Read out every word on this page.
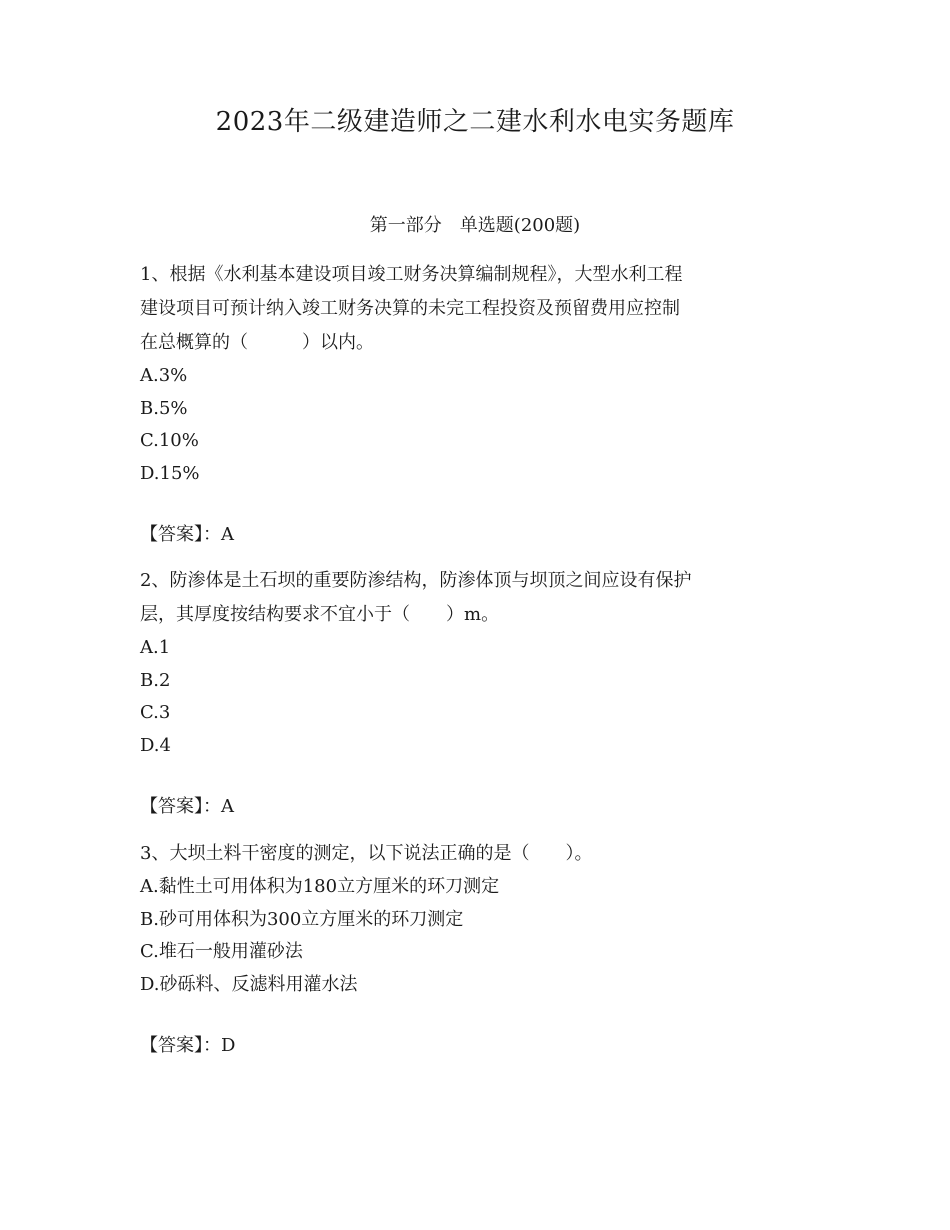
2023年二级建造师之二建水利水电实务题库
第一部分　单选题(200题)

1、根据《水利基本建设项目竣工财务决算编制规程》，大型水利工程

建设项目可预计纳入竣工财务决算的未完工程投资及预留费用应控制

在总概算的（　　　）以内。

A.3%

B.5%

C.10%

D.15%

【答案】：A

2、防渗体是土石坝的重要防渗结构，防渗体顶与坝顶之间应设有保护

层，其厚度按结构要求不宜小于（　　）m。

A.1

B.2

C.3

D.4

【答案】：A

3、大坝土料干密度的测定，以下说法正确的是（　　）。

A.黏性土可用体积为180立方厘米的环刀测定

B.砂可用体积为300立方厘米的环刀测定

C.堆石一般用灌砂法

D.砂砾料、反滤料用灌水法

【答案】：D
